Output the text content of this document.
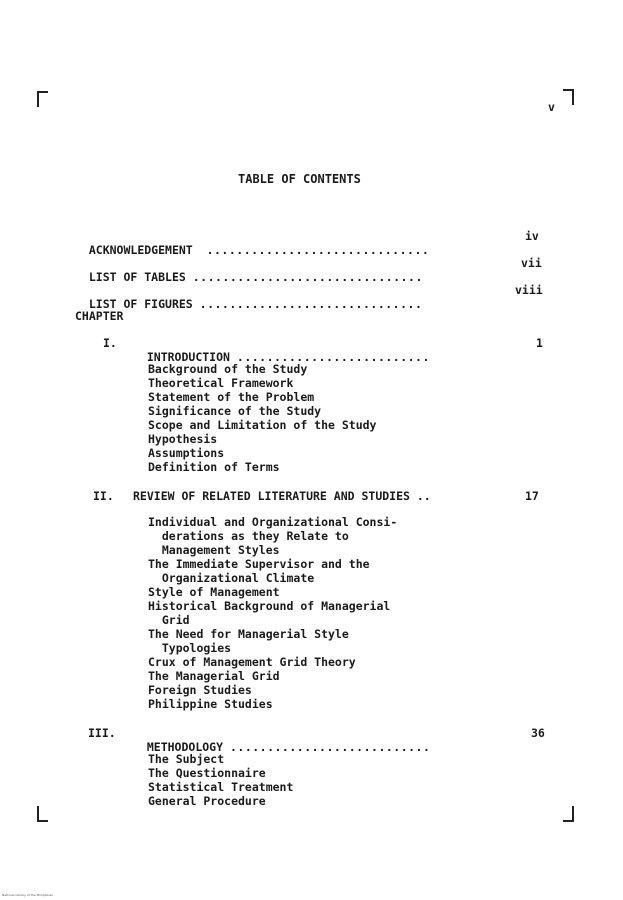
v
TABLE OF CONTENTS

ACKNOWLEDGEMENT ..............................

iv

LIST OF TABLES ...............................

vii

LIST OF FIGURES ..............................

viii
CHAPTER
I.

INTRODUCTION ..........................

1
Background of the Study
Theoretical Framework
Statement of the Problem
Significance of the Study
Scope and Limitation of the Study
Hypothesis
Assumptions
Definition of Terms
II. REVIEW OF RELATED LITERATURE AND STUDIES ..	17
Individual and Organizational Consi-
derations as they Relate to
Management Styles
The Immediate Supervisor and the
Organizational Climate
Style of Management
Historical Background of Managerial
Grid
The Need for Managerial Style
Typologies
Crux of Management Grid Theory
The Managerial Grid
Foreign Studies
Philippine Studies
III.

METHODOLOGY ...........................

36
The Subject
The Questionnaire
Statistical Treatment
General Procedure
National Library of the Philippines
